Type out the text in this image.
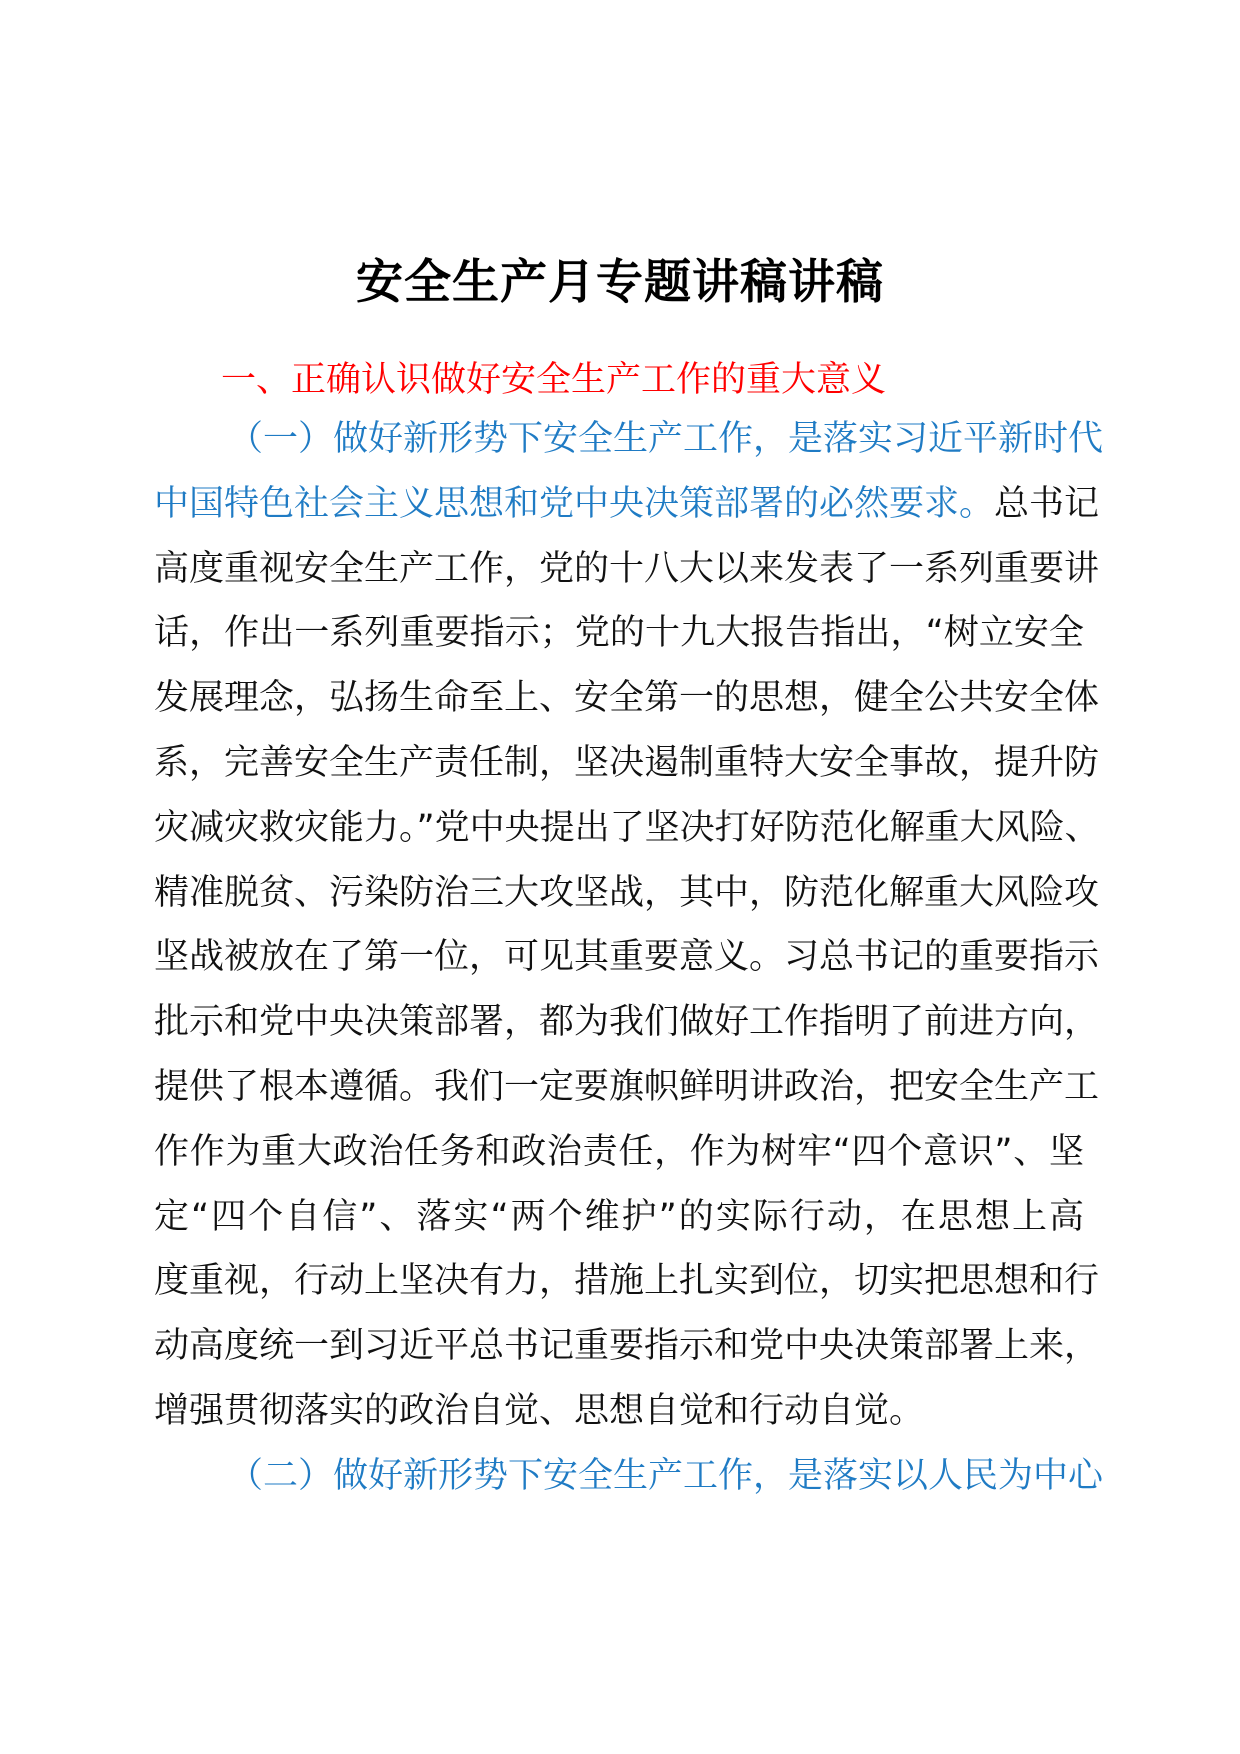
安全生产月专题讲稿讲稿
一、正确认识做好安全生产工作的重大意义
（一）做好新形势下安全生产工作，是落实习近平新时代
中国特色社会主义思想和党中央决策部署的必然要求。总书记
高度重视安全生产工作，党的十八大以来发表了一系列重要讲
话，作出一系列重要指示；党的十九大报告指出，“树立安全
发展理念，弘扬生命至上、安全第一的思想，健全公共安全体
系，完善安全生产责任制，坚决遏制重特大安全事故，提升防
灾减灾救灾能力。”党中央提出了坚决打好防范化解重大风险、
精准脱贫、污染防治三大攻坚战，其中，防范化解重大风险攻
坚战被放在了第一位，可见其重要意义。习总书记的重要指示
批示和党中央决策部署，都为我们做好工作指明了前进方向，
提供了根本遵循。我们一定要旗帜鲜明讲政治，把安全生产工
作作为重大政治任务和政治责任，作为树牢“四个意识”、坚
定“四个自信”、落实“两个维护”的实际行动，在思想上高
度重视，行动上坚决有力，措施上扎实到位，切实把思想和行
动高度统一到习近平总书记重要指示和党中央决策部署上来，
增强贯彻落实的政治自觉、思想自觉和行动自觉。
（二）做好新形势下安全生产工作，是落实以人民为中心
